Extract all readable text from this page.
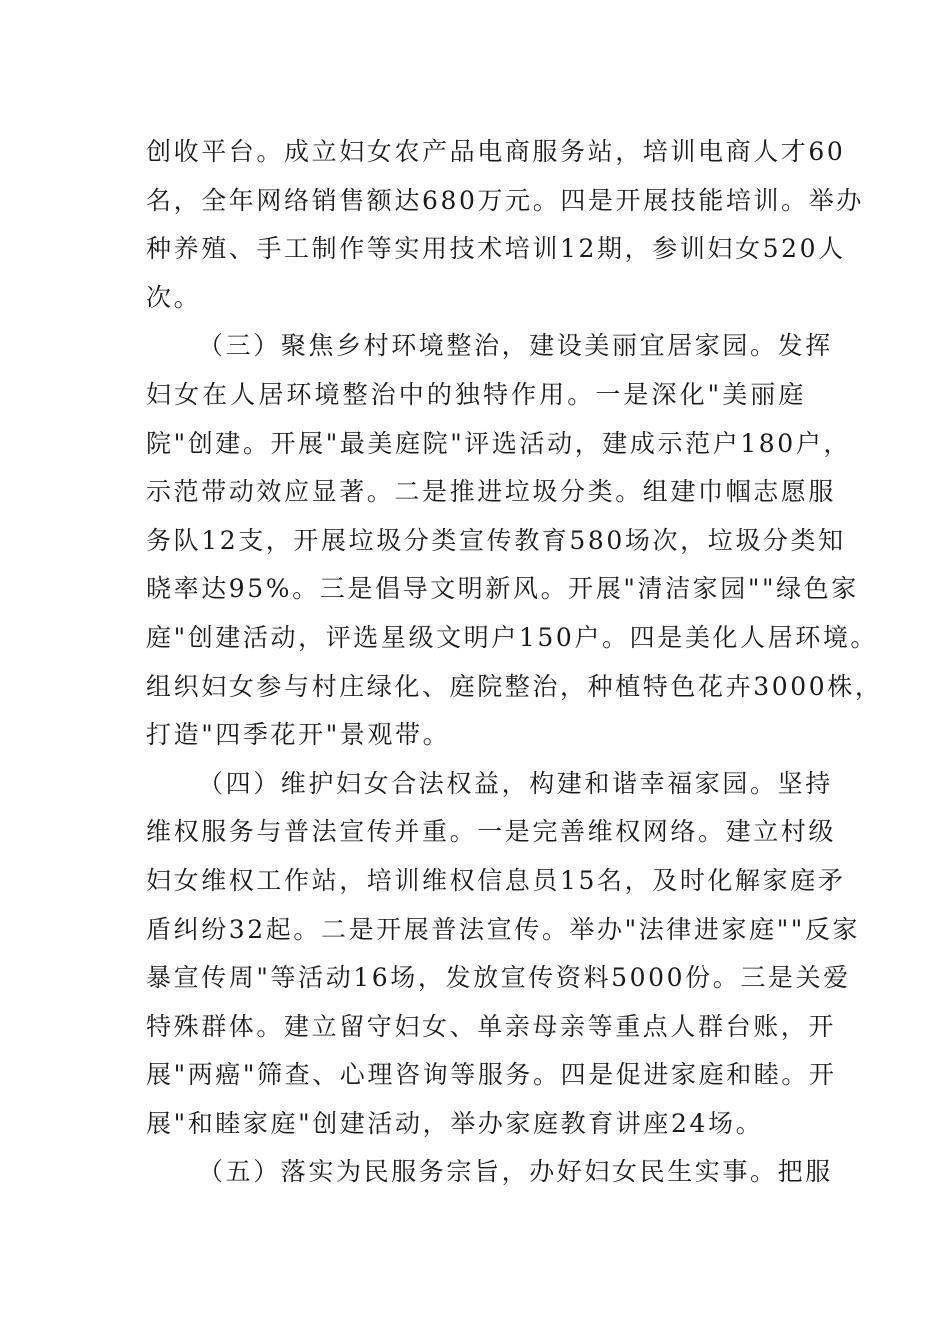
创收平台。成立妇女农产品电商服务站，培训电商人才60
名，全年网络销售额达680万元。四是开展技能培训。举办
种养殖、手工制作等实用技术培训12期，参训妇女520人
次。
（三）聚焦乡村环境整治，建设美丽宜居家园。发挥
妇女在人居环境整治中的独特作用。一是深化"美丽庭
院"创建。开展"最美庭院"评选活动，建成示范户180户，
示范带动效应显著。二是推进垃圾分类。组建巾帼志愿服
务队12支，开展垃圾分类宣传教育580场次，垃圾分类知
晓率达95%。三是倡导文明新风。开展"清洁家园""绿色家
庭"创建活动，评选星级文明户150户。四是美化人居环境。
组织妇女参与村庄绿化、庭院整治，种植特色花卉3000株，
打造"四季花开"景观带。
（四）维护妇女合法权益，构建和谐幸福家园。坚持
维权服务与普法宣传并重。一是完善维权网络。建立村级
妇女维权工作站，培训维权信息员15名，及时化解家庭矛
盾纠纷32起。二是开展普法宣传。举办"法律进家庭""反家
暴宣传周"等活动16场，发放宣传资料5000份。三是关爱
特殊群体。建立留守妇女、单亲母亲等重点人群台账，开
展"两癌"筛查、心理咨询等服务。四是促进家庭和睦。开
展"和睦家庭"创建活动，举办家庭教育讲座24场。
（五）落实为民服务宗旨，办好妇女民生实事。把服
